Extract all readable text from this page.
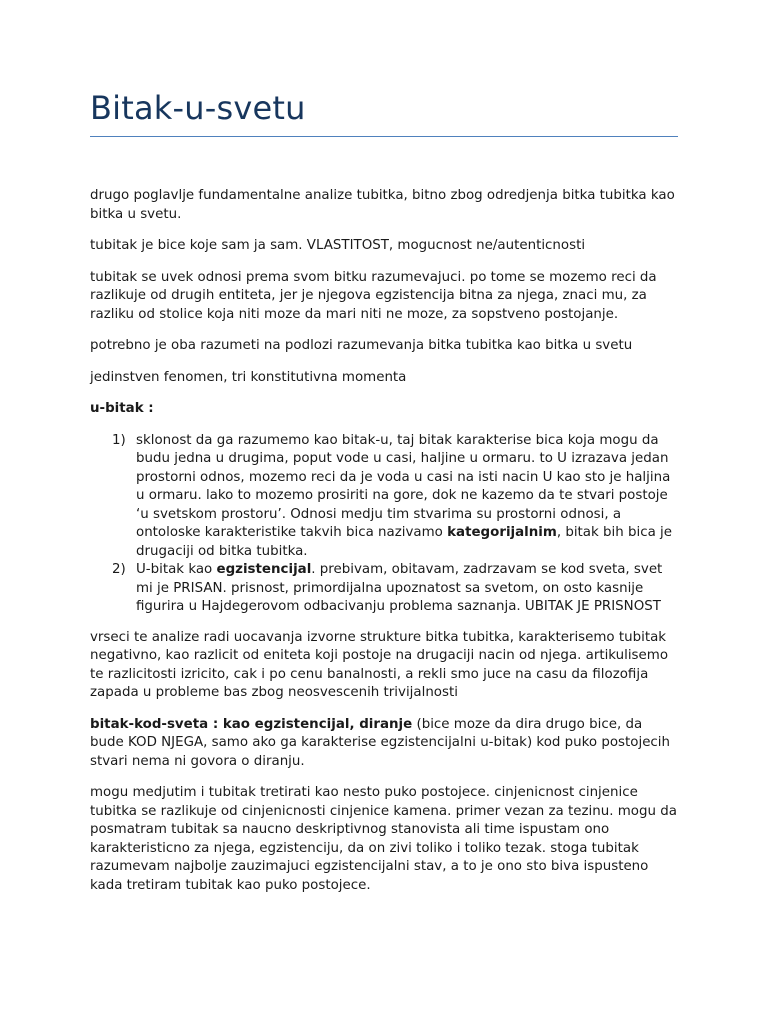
Bitak-u-svetu

drugo poglavlje fundamentalne analize tubitka, bitno zbog odredjenja bitka tubitka kao bitka u svetu.

tubitak je bice koje sam ja sam. VLASTITOST, mogucnost ne/autenticnosti

tubitak se uvek odnosi prema svom bitku razumevajuci. po tome se mozemo reci da razlikuje od drugih entiteta, jer je njegova egzistencija bitna za njega, znaci mu, za razliku od stolice koja niti moze da mari niti ne moze, za sopstveno postojanje.

potrebno je oba razumeti na podlozi razumevanja bitka tubitka kao bitka u svetu

jedinstven fenomen, tri konstitutivna momenta

u-bitak :

1) sklonost da ga razumemo kao bitak-u, taj bitak karakterise bica koja mogu da budu jedna u drugima, poput vode u casi, haljine u ormaru. to U izrazava jedan prostorni odnos, mozemo reci da je voda u casi na isti nacin U kao sto je haljina u ormaru. lako to mozemo prosiriti na gore, dok ne kazemo da te stvari postoje ‘u svetskom prostoru’. Odnosi medju tim stvarima su prostorni odnosi, a ontoloske karakteristike takvih bica nazivamo kategorijalnim, bitak bih bica je drugaciji od bitka tubitka.
2) U-bitak kao egzistencijal. prebivam, obitavam, zadrzavam se kod sveta, svet mi je PRISAN. prisnost, primordijalna upoznatost sa svetom, on osto kasnije figurira u Hajdegerovom odbacivanju problema saznanja. UBITAK JE PRISNOST

vrseci te analize radi uocavanja izvorne strukture bitka tubitka, karakterisemo tubitak negativno, kao razlicit od eniteta koji postoje na drugaciji nacin od njega. artikulisemo te razlicitosti izricito, cak i po cenu banalnosti, a rekli smo juce na casu da filozofija zapada u probleme bas zbog neosvescenih trivijalnosti

bitak-kod-sveta : kao egzistencijal, diranje (bice moze da dira drugo bice, da bude KOD NJEGA, samo ako ga karakterise egzistencijalni u-bitak) kod puko postojecih stvari nema ni govora o diranju.

mogu medjutim i tubitak tretirati kao nesto puko postojece. cinjenicnost cinjenice tubitka se razlikuje od cinjenicnosti cinjenice kamena. primer vezan za tezinu. mogu da posmatram tubitak sa naucno deskriptivnog stanovista ali time ispustam ono karakteristicno za njega, egzistenciju, da on zivi toliko i toliko tezak. stoga tubitak razumevam najbolje zauzimajuci egzistencijalni stav, a to je ono sto biva ispusteno kada tretiram tubitak kao puko postojece.
